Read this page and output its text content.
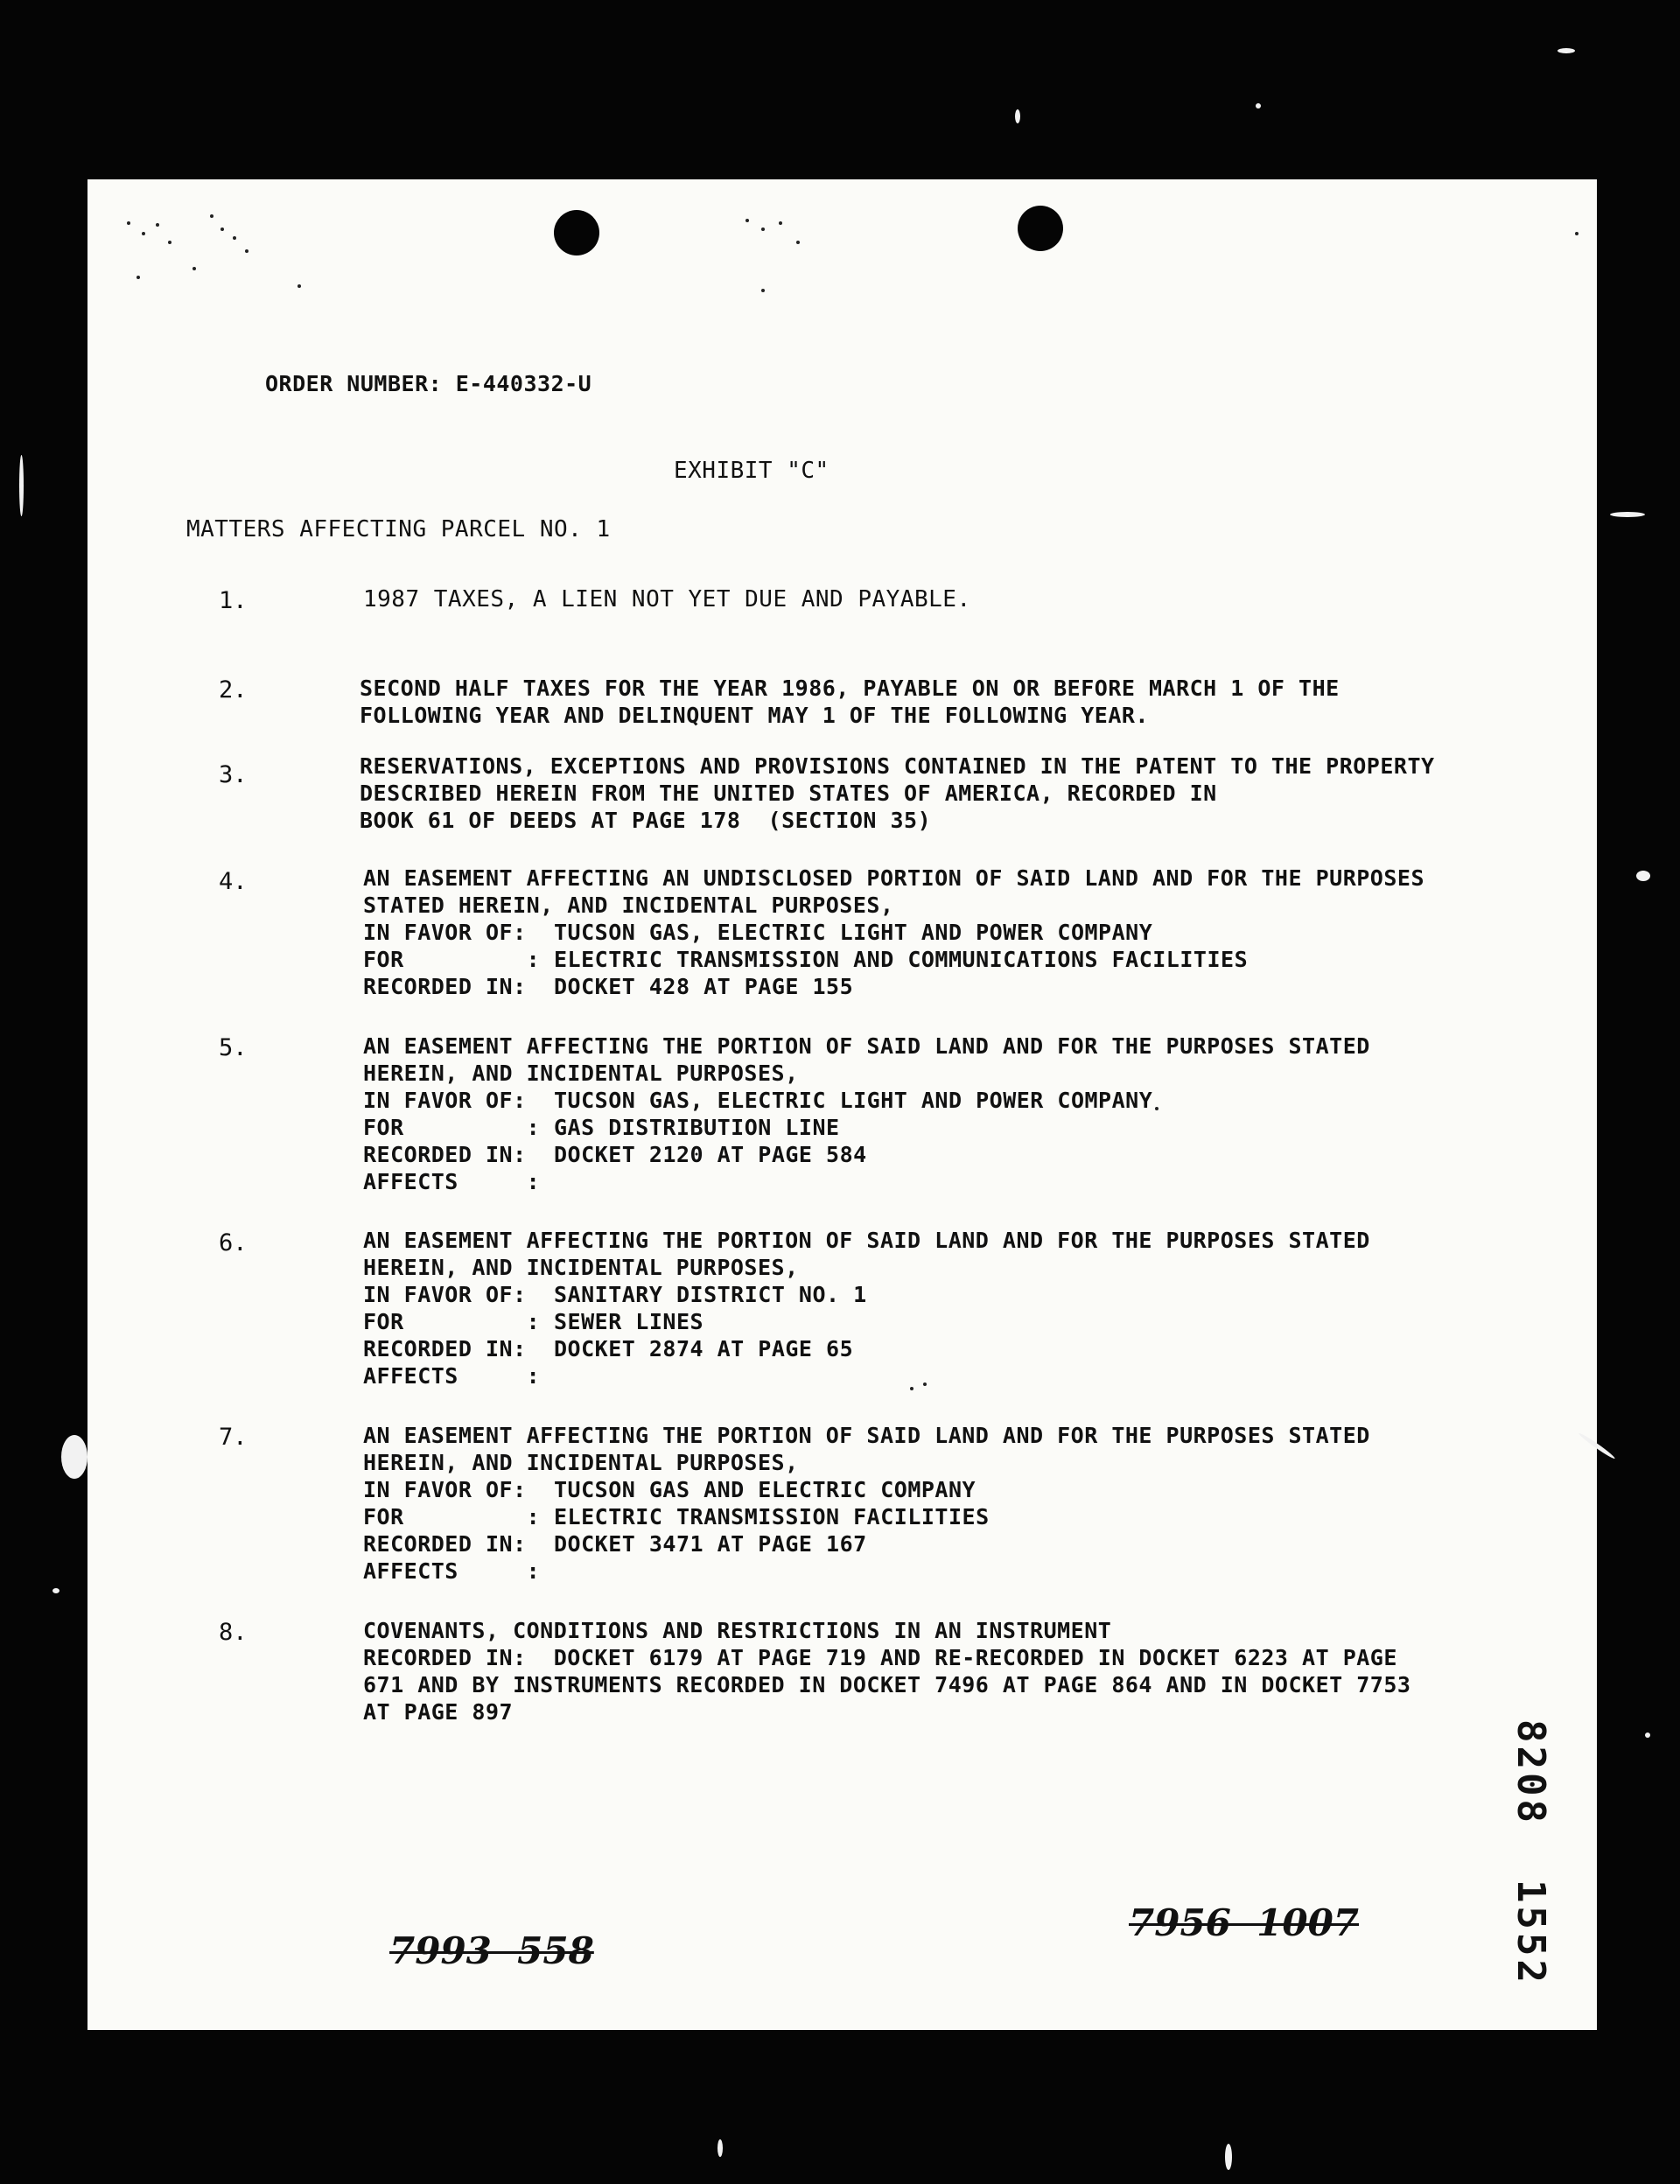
ORDER NUMBER: E-440332-U
EXHIBIT "C"
MATTERS AFFECTING PARCEL NO. 1
1.	1987 TAXES, A LIEN NOT YET DUE AND PAYABLE.
2.	SECOND HALF TAXES FOR THE YEAR 1986, PAYABLE ON OR BEFORE MARCH 1 OF THE
FOLLOWING YEAR AND DELINQUENT MAY 1 OF THE FOLLOWING YEAR.
3.	RESERVATIONS, EXCEPTIONS AND PROVISIONS CONTAINED IN THE PATENT TO THE PROPERTY
DESCRIBED HEREIN FROM THE UNITED STATES OF AMERICA, RECORDED IN
BOOK 61 OF DEEDS AT PAGE 178  (SECTION 35)
4.	AN EASEMENT AFFECTING AN UNDISCLOSED PORTION OF SAID LAND AND FOR THE PURPOSES
STATED HEREIN, AND INCIDENTAL PURPOSES,
IN FAVOR OF:	TUCSON GAS, ELECTRIC LIGHT AND POWER COMPANY
FOR         : ELECTRIC TRANSMISSION AND COMMUNICATIONS FACILITIES
RECORDED IN:	DOCKET 428 AT PAGE 155
5.	AN EASEMENT AFFECTING THE PORTION OF SAID LAND AND FOR THE PURPOSES STATED
HEREIN, AND INCIDENTAL PURPOSES,
IN FAVOR OF:	TUCSON GAS, ELECTRIC LIGHT AND POWER COMPANY
FOR         : GAS DISTRIBUTION LINE
RECORDED IN:	DOCKET 2120 AT PAGE 584
AFFECTS     :
6.	AN EASEMENT AFFECTING THE PORTION OF SAID LAND AND FOR THE PURPOSES STATED
HEREIN, AND INCIDENTAL PURPOSES,
IN FAVOR OF:	SANITARY DISTRICT NO. 1
FOR         : SEWER LINES
RECORDED IN:	DOCKET 2874 AT PAGE 65
AFFECTS     :
7.	AN EASEMENT AFFECTING THE PORTION OF SAID LAND AND FOR THE PURPOSES STATED
HEREIN, AND INCIDENTAL PURPOSES,
IN FAVOR OF:	TUCSON GAS AND ELECTRIC COMPANY
FOR         : ELECTRIC TRANSMISSION FACILITIES
RECORDED IN:	DOCKET 3471 AT PAGE 167
AFFECTS     :
8.	COVENANTS, CONDITIONS AND RESTRICTIONS IN AN INSTRUMENT
RECORDED IN:  DOCKET 6179 AT PAGE 719 AND RE-RECORDED IN DOCKET 6223 AT PAGE
671 AND BY INSTRUMENTS RECORDED IN DOCKET 7496 AT PAGE 864 AND IN DOCKET 7753
AT PAGE 897
8208  1552
7993  558
7956  1007
